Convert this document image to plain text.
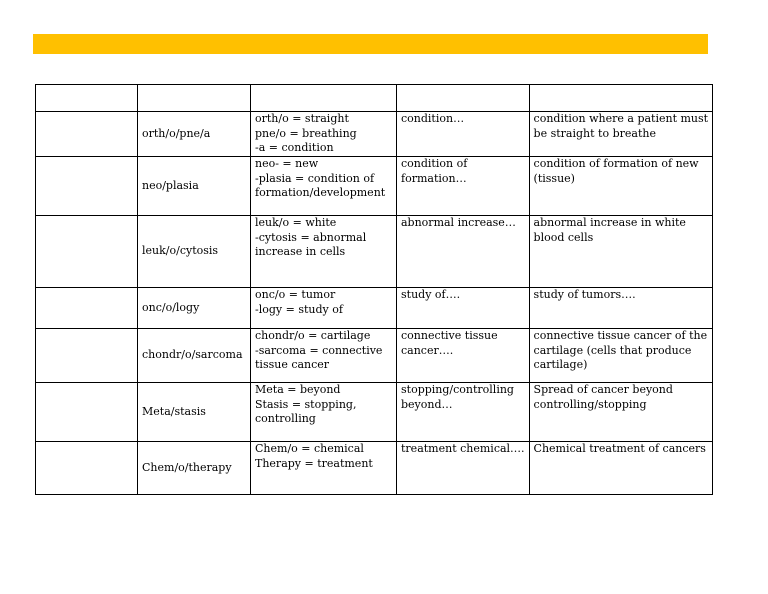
	orth/o/pne/a	orth/o = straight
pne/o = breathing
-a = condition	condition…	condition where a patient must
be straight to breathe

	neo/plasia	neo- = new
-plasia = condition of
formation/development	condition of
formation…	condition of formation of new
(tissue)

	leuk/o/cytosis	leuk/o = white
-cytosis = abnormal
increase in cells	abnormal increase…	abnormal increase in white
blood cells

	onc/o/logy	onc/o = tumor
-logy = study of	study of….	study of tumors….

	chondr/o/sarcoma	chondr/o = cartilage
-sarcoma = connective
tissue cancer	connective tissue
cancer….	connective tissue cancer of the
cartilage (cells that produce
cartilage)

	Meta/stasis	Meta = beyond
Stasis = stopping,
controlling	stopping/controlling
beyond…	Spread of cancer beyond
controlling/stopping

	Chem/o/therapy	Chem/o = chemical
Therapy = treatment	treatment chemical….	Chemical treatment of cancers
